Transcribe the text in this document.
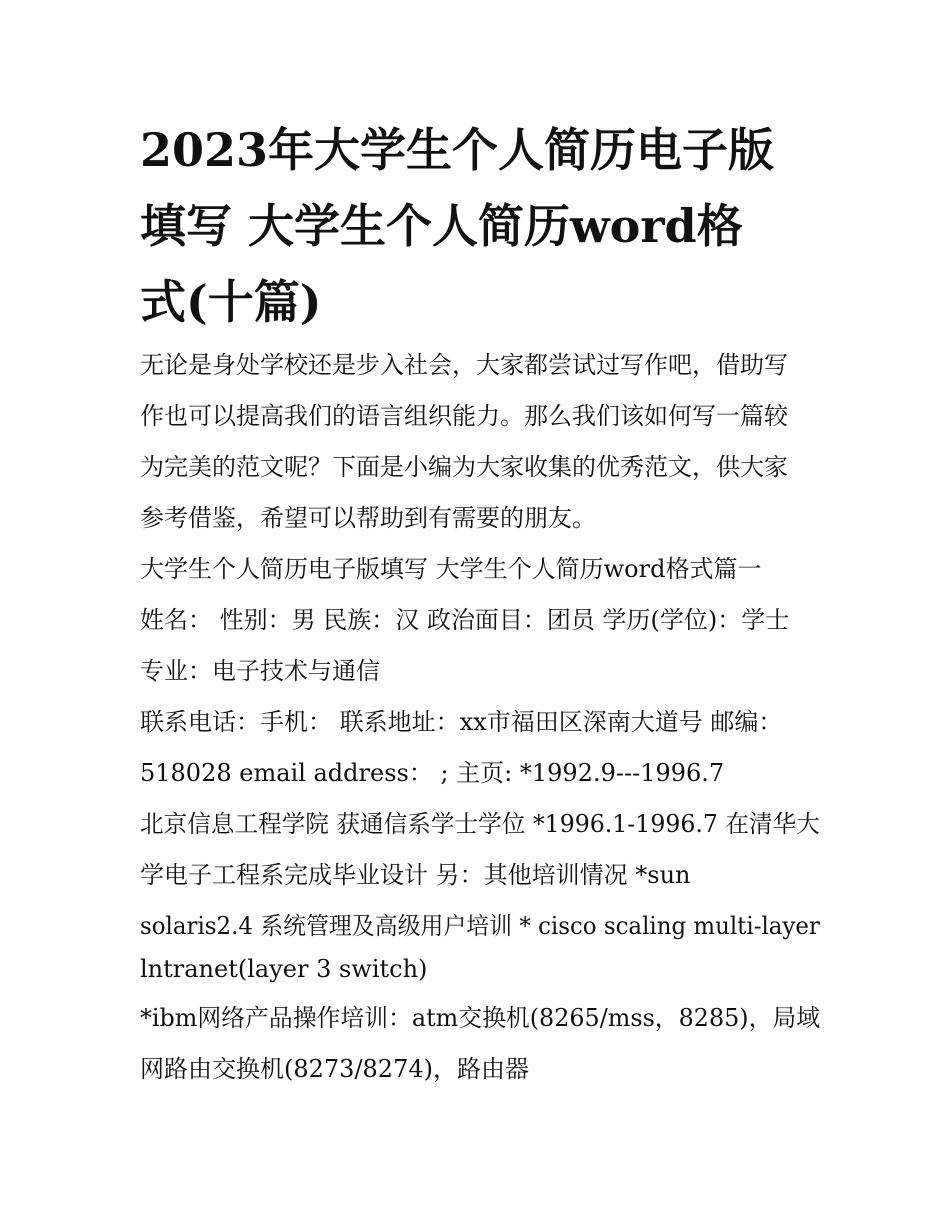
2023年大学生个人简历电子版
填写 大学生个人简历word格
式(十篇)
无论是身处学校还是步入社会，大家都尝试过写作吧，借助写
作也可以提高我们的语言组织能力。那么我们该如何写一篇较
为完美的范文呢？下面是小编为大家收集的优秀范文，供大家
参考借鉴，希望可以帮助到有需要的朋友。
大学生个人简历电子版填写 大学生个人简历word格式篇一
姓名： 性别：男 民族：汉 政治面目：团员 学历(学位)：学士
专业：电子技术与通信
联系电话：手机： 联系地址：xx市福田区深南大道号 邮编：
518028 email address： ; 主页: *1992.9---1996.7
北京信息工程学院 获通信系学士学位 *1996.1-1996.7 在清华大
学电子工程系完成毕业设计 另：其他培训情况 *sun
solaris2.4 系统管理及高级用户培训 * cisco scaling multi-layer
lntranet(layer 3 switch)
*ibm网络产品操作培训：atm交换机(8265/mss，8285)，局域
网路由交换机(8273/8274)，路由器
